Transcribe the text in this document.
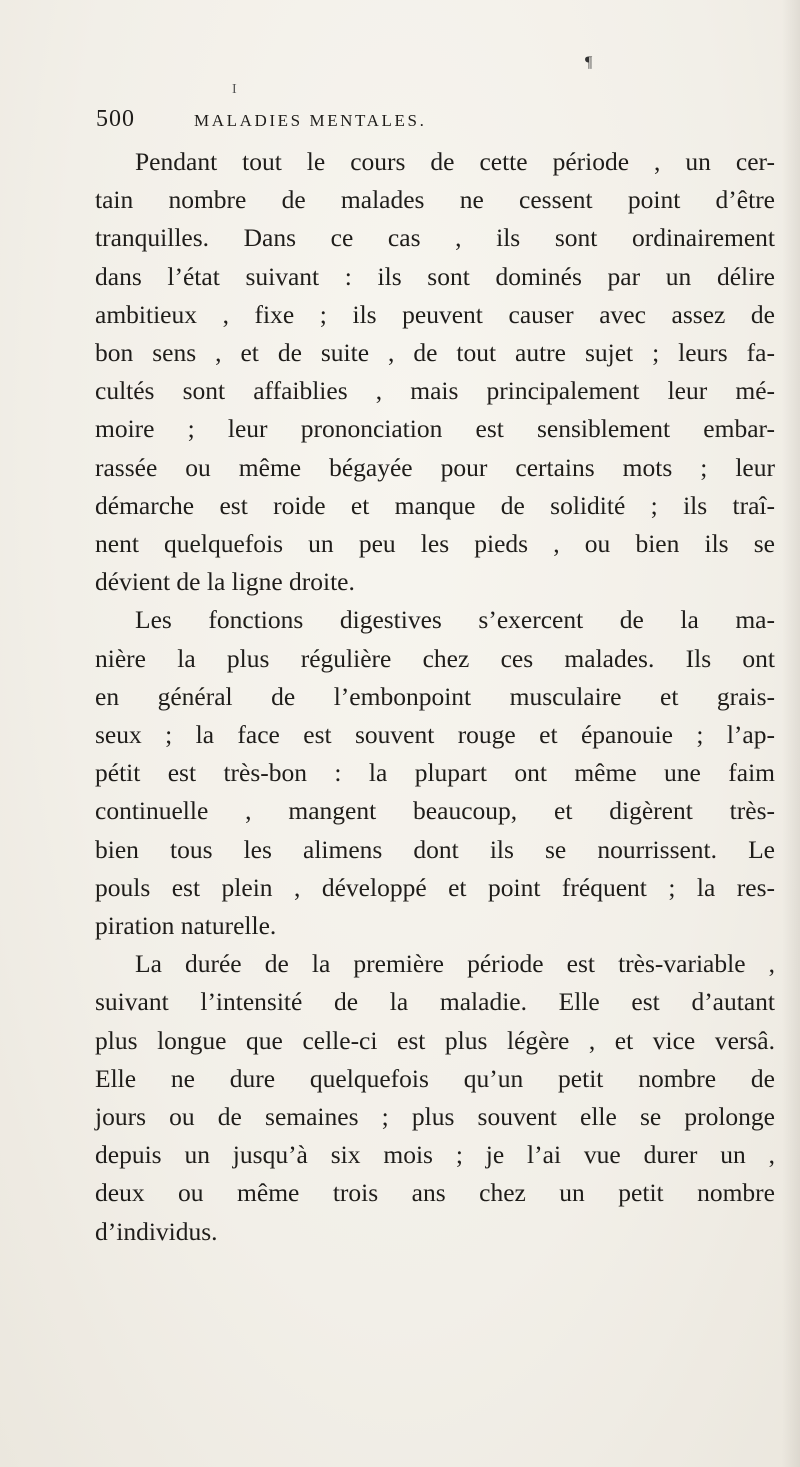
I
¶
500	MALADIES MENTALES.
Pendant tout le cours de cette période , un cer-
tain nombre de malades ne cessent point d’être
tranquilles. Dans ce cas , ils sont ordinairement
dans l’état suivant : ils sont dominés par un délire
ambitieux , fixe ; ils peuvent causer avec assez de
bon sens , et de suite , de tout autre sujet ; leurs fa-
cultés sont affaiblies , mais principalement leur mé-
moire ; leur prononciation est sensiblement embar-
rassée ou même bégayée pour certains mots ; leur
démarche est roide et manque de solidité ; ils traî-
nent quelquefois un peu les pieds , ou bien ils se
dévient de la ligne droite.
Les fonctions digestives s’exercent de la ma-
nière la plus régulière chez ces malades. Ils ont
en général de l’embonpoint musculaire et grais-
seux ; la face est souvent rouge et épanouie ; l’ap-
pétit est très-bon : la plupart ont même une faim
continuelle , mangent beaucoup, et digèrent très-
bien tous les alimens dont ils se nourrissent. Le
pouls est plein , développé et point fréquent ; la res-
piration naturelle.
La durée de la première période est très-variable ,
suivant l’intensité de la maladie. Elle est d’autant
plus longue que celle-ci est plus légère , et vice versâ.
Elle ne dure quelquefois qu’un petit nombre de
jours ou de semaines ; plus souvent elle se prolonge
depuis un jusqu’à six mois ; je l’ai vue durer un ,
deux ou même trois ans chez un petit nombre
d’individus.
